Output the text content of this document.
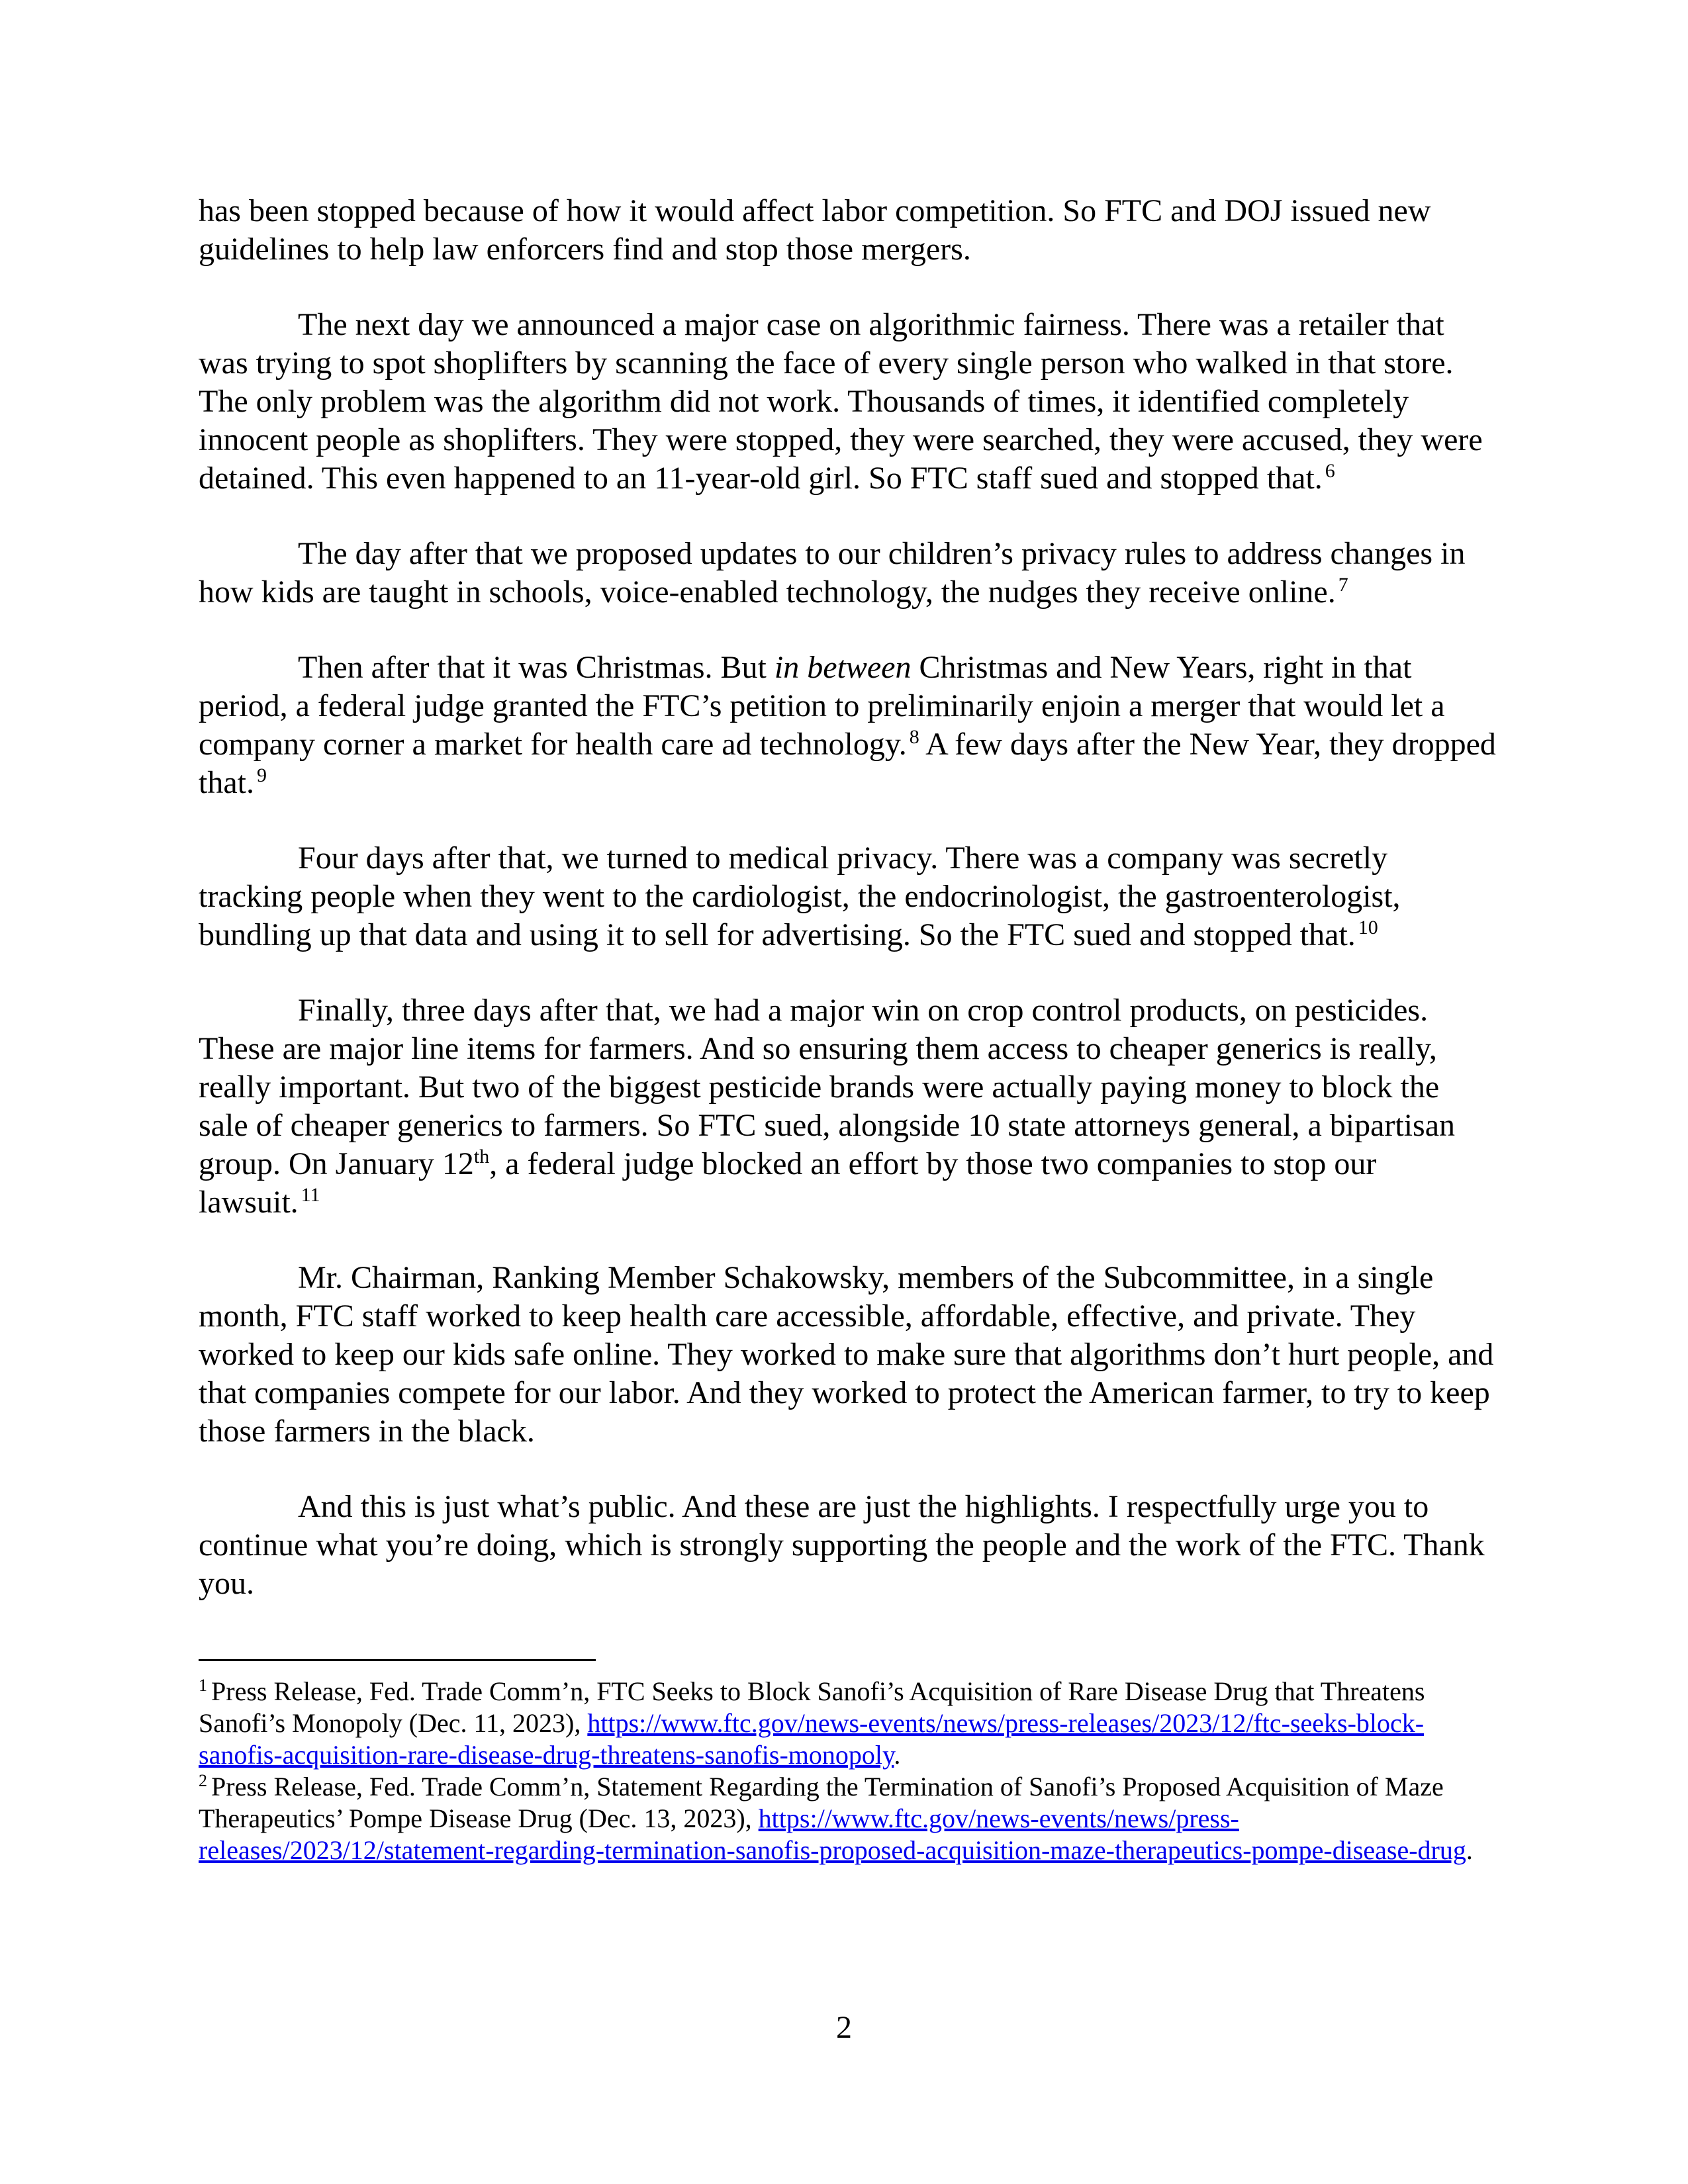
has been stopped because of how it would affect labor competition. So FTC and DOJ issued new guidelines to help law enforcers find and stop those mergers.

The next day we announced a major case on algorithmic fairness. There was a retailer that was trying to spot shoplifters by scanning the face of every single person who walked in that store. The only problem was the algorithm did not work. Thousands of times, it identified completely innocent people as shoplifters. They were stopped, they were searched, they were accused, they were detained. This even happened to an 11-year-old girl. So FTC staff sued and stopped that. $^6$

The day after that we proposed updates to our children’s privacy rules to address changes in how kids are taught in schools, voice-enabled technology, the nudges they receive online. $^7$

Then after that it was Christmas. But in between Christmas and New Years, right in that period, a federal judge granted the FTC’s petition to preliminarily enjoin a merger that would let a company corner a market for health care ad technology. $^8$ A few days after the New Year, they dropped that. $^9$

Four days after that, we turned to medical privacy. There was a company was secretly tracking people when they went to the cardiologist, the endocrinologist, the gastroenterologist, bundling up that data and using it to sell for advertising. So the FTC sued and stopped that. $^{10}$

Finally, three days after that, we had a major win on crop control products, on pesticides. These are major line items for farmers. And so ensuring them access to cheaper generics is really, really important. But two of the biggest pesticide brands were actually paying money to block the sale of cheaper generics to farmers. So FTC sued, alongside 10 state attorneys general, a bipartisan group. On January 12th, a federal judge blocked an effort by those two companies to stop our lawsuit. $^{11}$

Mr. Chairman, Ranking Member Schakowsky, members of the Subcommittee, in a single month, FTC staff worked to keep health care accessible, affordable, effective, and private. They worked to keep our kids safe online. They worked to make sure that algorithms don’t hurt people, and that companies compete for our labor. And they worked to protect the American farmer, to try to keep those farmers in the black.

And this is just what’s public. And these are just the highlights. I respectfully urge you to continue what you’re doing, which is strongly supporting the people and the work of the FTC. Thank you.

$^1$ Press Release, Fed. Trade Comm’n, FTC Seeks to Block Sanofi’s Acquisition of Rare Disease Drug that Threatens Sanofi’s Monopoly (Dec. 11, 2023), https://www.ftc.gov/news-events/news/press-releases/2023/12/ftc-seeks-block-sanofis-acquisition-rare-disease-drug-threatens-sanofis-monopoly.

$^2$ Press Release, Fed. Trade Comm’n, Statement Regarding the Termination of Sanofi’s Proposed Acquisition of Maze Therapeutics’ Pompe Disease Drug (Dec. 13, 2023), https://www.ftc.gov/news-events/news/press-releases/2023/12/statement-regarding-termination-sanofis-proposed-acquisition-maze-therapeutics-pompe-disease-drug.

2
